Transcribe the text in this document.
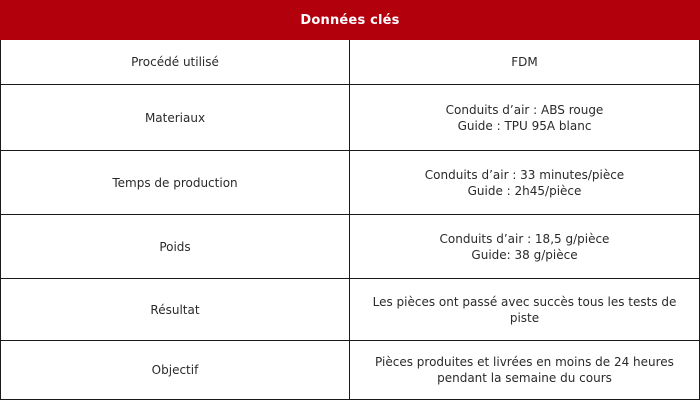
Données clés
Procédé utilisé	FDM
Materiaux
Conduits d’air : ABS rouge
Guide : TPU 95A blanc
Temps de production
Conduits d’air : 33 minutes/pièce
Guide : 2h45/pièce
Poids
Conduits d’air : 18,5 g/pièce
Guide: 38 g/pièce
Résultat
Les pièces ont passé avec succès tous les tests de
piste
Objectif
Pièces produites et livrées en moins de 24 heures
pendant la semaine du cours
